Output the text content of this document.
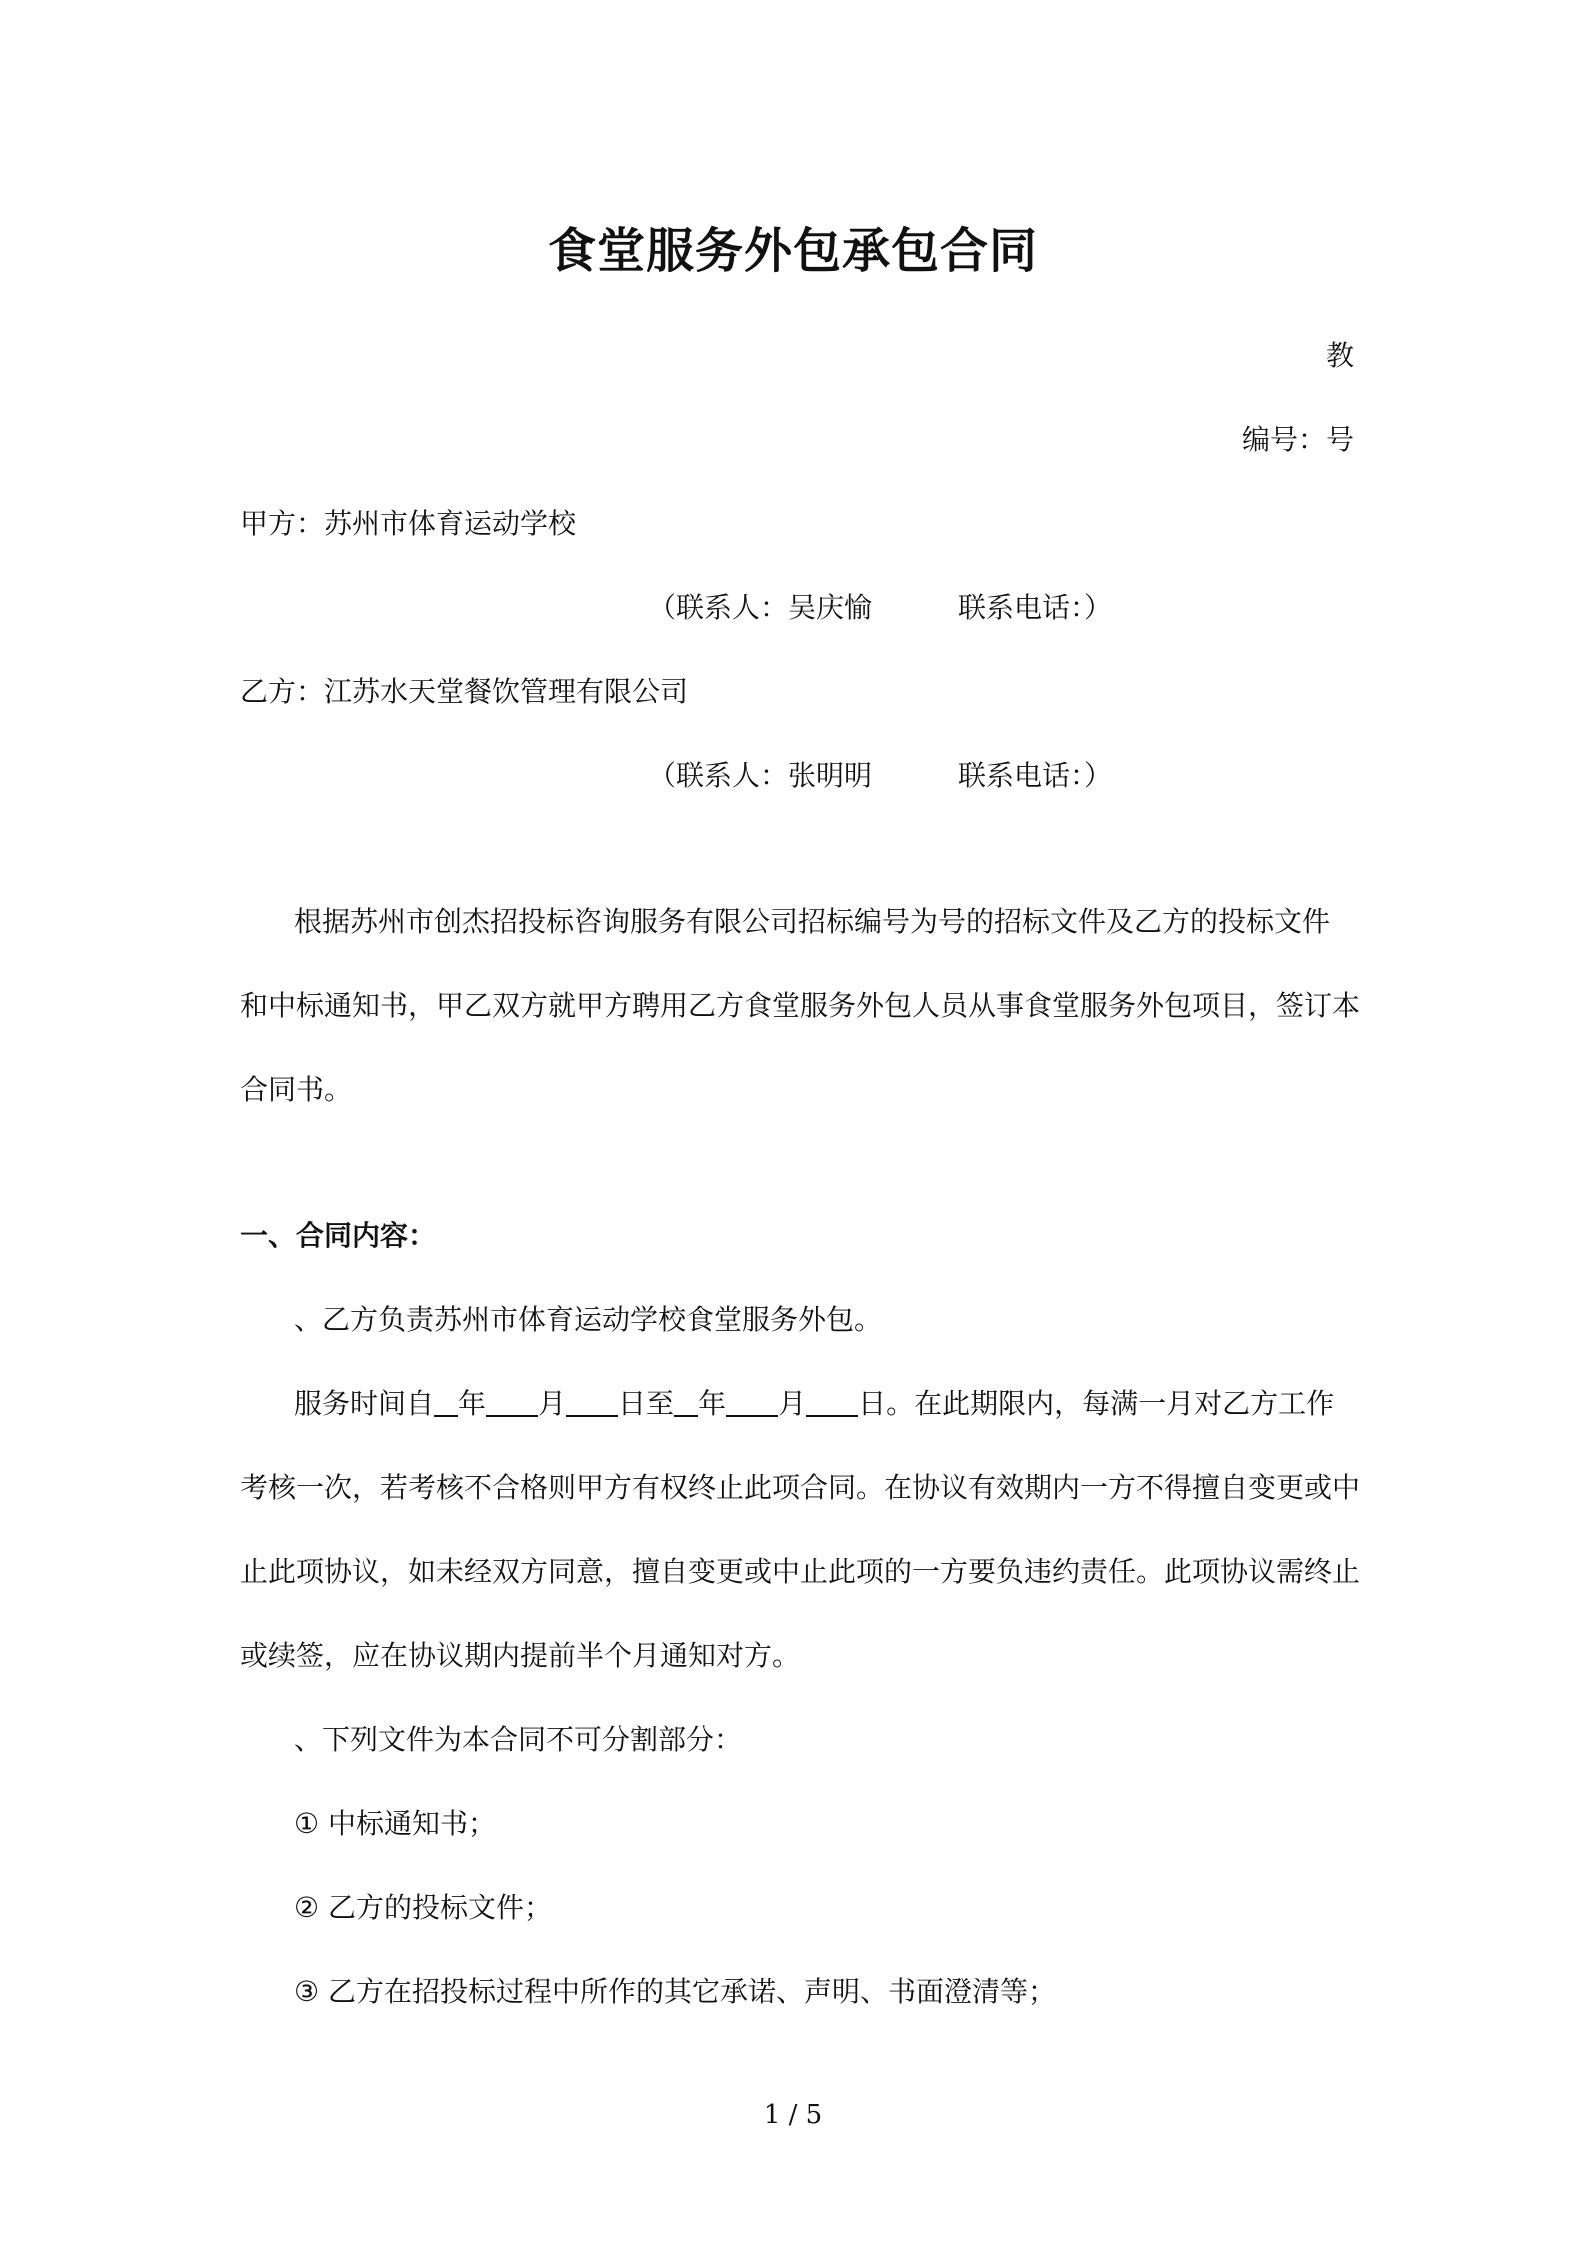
食堂服务外包承包合同
教
编号：号
甲方：苏州市体育运动学校
（联系人：吴庆愉	联系电话：）
乙方：江苏水天堂餐饮管理有限公司
（联系人：张明明	联系电话：）
根据苏州市创杰招投标咨询服务有限公司招标编号为号的招标文件及乙方的投标文件
和中标通知书，甲乙双方就甲方聘用乙方食堂服务外包人员从事食堂服务外包项目，签订本
合同书。
一、合同内容：
、乙方负责苏州市体育运动学校食堂服务外包。
服务时间自 年 月 日至 年 月 日。在此期限内，每满一月对乙方工作
考核一次，若考核不合格则甲方有权终止此项合同。在协议有效期内一方不得擅自变更或中
止此项协议，如未经双方同意，擅自变更或中止此项的一方要负违约责任。此项协议需终止
或续签，应在协议期内提前半个月通知对方。
、下列文件为本合同不可分割部分：
① 中标通知书；
② 乙方的投标文件；
③ 乙方在招投标过程中所作的其它承诺、声明、书面澄清等；
1 / 5
